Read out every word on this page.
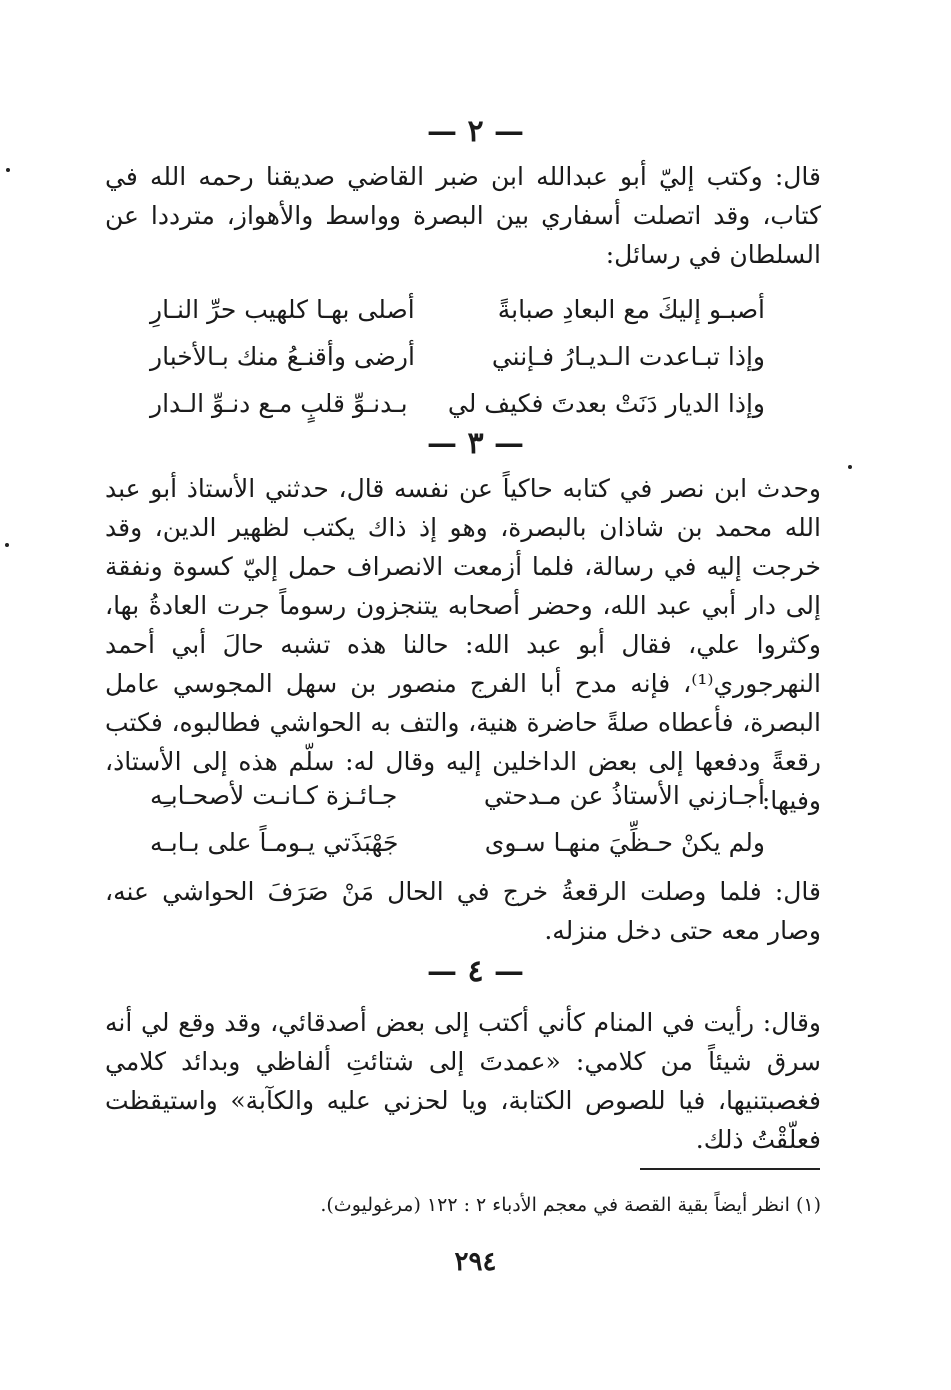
— ٢ —
قال: وكتب إليّ أبو عبدالله ابن ضبر القاضي صديقنا رحمه الله في كتاب، وقد اتصلت أسفاري بين البصرة وواسط والأهواز، مترددا عن السلطان في رسائل:
أصبـو إليكَ مع البعادِ صبابةً
أصلى بهـا كلهيب حرِّ النـارِ
وإذا تبـاعدت الـديـارُ فـإنني
أرضى وأقنـعُ منك بـالأخبار
وإذا الديار دَنَتْ بعدتَ فكيف لي
بـدنـوِّ قلبٍ مـع دنـوِّ الـدار
— ٣ —
وحدث ابن نصر في كتابه حاكياً عن نفسه قال، حدثني الأستاذ أبو عبد الله محمد بن شاذان بالبصرة، وهو إذ ذاك يكتب لظهير الدين، وقد خرجت إليه في رسالة، فلما أزمعت الانصراف حمل إليّ كسوة ونفقة إلى دار أبي عبد الله، وحضر أصحابه يتنجزون رسوماً جرت العادةُ بها، وكثروا علي، فقال أبو عبد الله: حالنا هذه تشبه حالَ أبي أحمد النهرجوري⁽¹⁾، فإنه مدح أبا الفرج منصور بن سهل المجوسي عامل البصرة، فأعطاه صلةً حاضرة هنية، والتف به الحواشي فطالبوه، فكتب رقعةً ودفعها إلى بعض الداخلين إليه وقال له: سلّم هذه إلى الأستاذ، وفيها:
أجـازني الأستاذُ عن مـدحتي
جـائـزة كـانـت لأصحـابـِه
ولم يكنْ حـظِّيَ منهـا سـوى
جَهْبَذَتي يـومـاً على بـابـه
قال: فلما وصلت الرقعةُ خرج في الحال مَنْ صَرَفَ الحواشي عنه، وصار معه حتى دخل منزله.
— ٤ —
وقال: رأيت في المنام كأني أكتب إلى بعض أصدقائي، وقد وقع لي أنه سرق شيئاً من كلامي: «عمدتَ إلى شتائتِ ألفاظي وبدائد كلامي فغصبتنيها، فيا للصوص الكتابة، ويا لحزني عليه والكآبة» واستيقظت فعلّقْتُ ذلك.
(١) انظر أيضاً بقية القصة في معجم الأدباء ٢ : ١٢٢ (مرغوليوث).
٢٩٤
